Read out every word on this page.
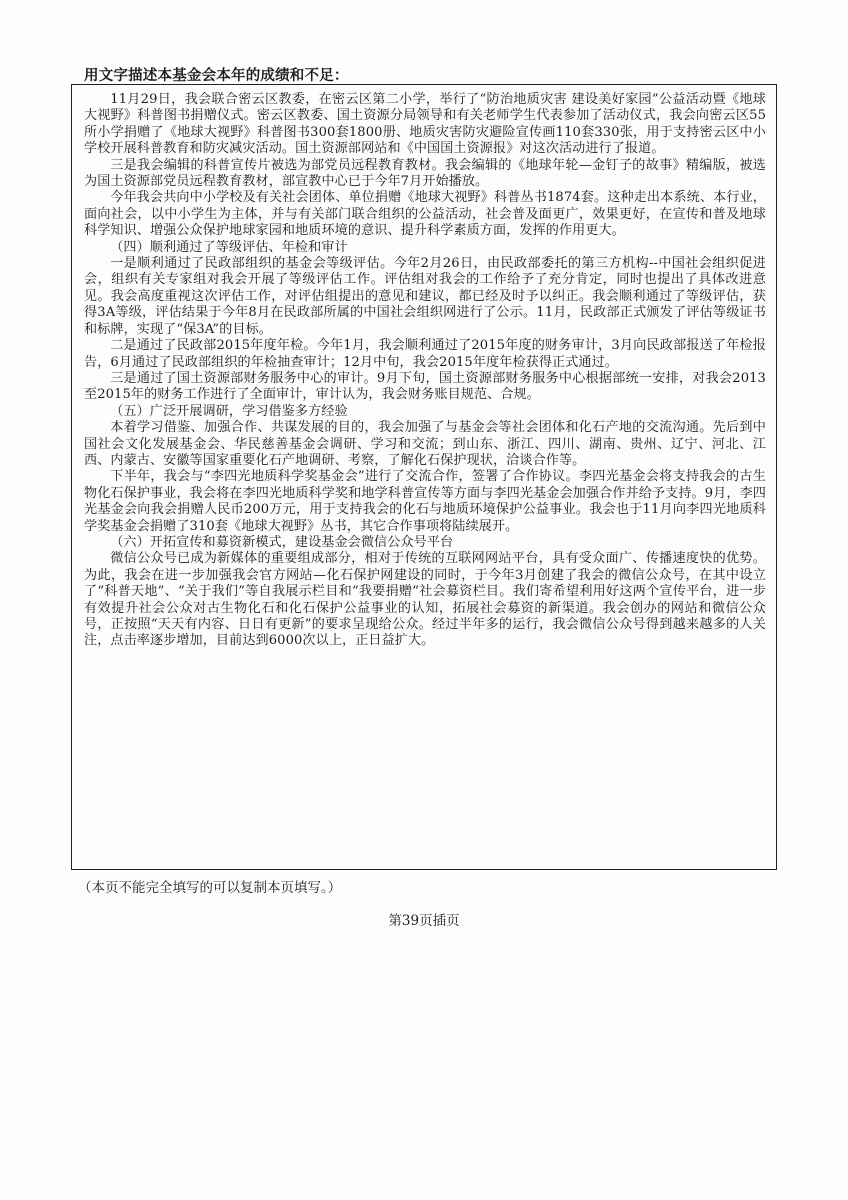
用文字描述本基金会本年的成绩和不足：

11月29日，我会联合密云区教委，在密云区第二小学，举行了“防治地质灾害 建设美好家园”公益活动暨《地球大视野》科普图书捐赠仪式。密云区教委、国土资源分局领导和有关老师学生代表参加了活动仪式，我会向密云区55所小学捐赠了《地球大视野》科普图书300套1800册、地质灾害防灾避险宣传画110套330张，用于支持密云区中小学校开展科普教育和防灾减灾活动。国土资源部网站和《中国国土资源报》对这次活动进行了报道。

三是我会编辑的科普宣传片被选为部党员远程教育教材。我会编辑的《地球年轮—金钉子的故事》精编版，被选为国土资源部党员远程教育教材，部宣教中心已于今年7月开始播放。

今年我会共向中小学校及有关社会团体、单位捐赠《地球大视野》科普丛书1874套。这种走出本系统、本行业，面向社会，以中小学生为主体，并与有关部门联合组织的公益活动，社会普及面更广，效果更好，在宣传和普及地球科学知识、增强公众保护地球家园和地质环境的意识、提升科学素质方面，发挥的作用更大。

（四）顺利通过了等级评估、年检和审计

一是顺利通过了民政部组织的基金会等级评估。今年2月26日，由民政部委托的第三方机构--中国社会组织促进会，组织有关专家组对我会开展了等级评估工作。评估组对我会的工作给予了充分肯定，同时也提出了具体改进意见。我会高度重视这次评估工作，对评估组提出的意见和建议，都已经及时予以纠正。我会顺利通过了等级评估，获得3A等级，评估结果于今年8月在民政部所属的中国社会组织网进行了公示。11月，民政部正式颁发了评估等级证书和标牌，实现了“保3A”的目标。

二是通过了民政部2015年度年检。今年1月，我会顺利通过了2015年度的财务审计，3月向民政部报送了年检报告，6月通过了民政部组织的年检抽查审计；12月中旬，我会2015年度年检获得正式通过。

三是通过了国土资源部财务服务中心的审计。9月下旬，国土资源部财务服务中心根据部统一安排，对我会2013至2015年的财务工作进行了全面审计，审计认为，我会财务账目规范、合规。

（五）广泛开展调研，学习借鉴多方经验

本着学习借鉴、加强合作、共谋发展的目的，我会加强了与基金会等社会团体和化石产地的交流沟通。先后到中国社会文化发展基金会、华民慈善基金会调研、学习和交流；到山东、浙江、四川、湖南、贵州、辽宁、河北、江西、内蒙古、安徽等国家重要化石产地调研、考察，了解化石保护现状，洽谈合作等。

下半年，我会与“李四光地质科学奖基金会”进行了交流合作，签署了合作协议。李四光基金会将支持我会的古生物化石保护事业，我会将在李四光地质科学奖和地学科普宣传等方面与李四光基金会加强合作并给予支持。9月，李四光基金会向我会捐赠人民币200万元，用于支持我会的化石与地质环境保护公益事业。我会也于11月向李四光地质科学奖基金会捐赠了310套《地球大视野》丛书，其它合作事项将陆续展开。

（六）开拓宣传和募资新模式，建设基金会微信公众号平台

微信公众号已成为新媒体的重要组成部分，相对于传统的互联网网站平台，具有受众面广、传播速度快的优势。为此，我会在进一步加强我会官方网站—化石保护网建设的同时，于今年3月创建了我会的微信公众号，在其中设立了“科普天地”、“关于我们”等自我展示栏目和“我要捐赠”社会募资栏目。我们寄希望利用好这两个宣传平台，进一步有效提升社会公众对古生物化石和化石保护公益事业的认知，拓展社会募资的新渠道。我会创办的网站和微信公众号，正按照“天天有内容、日日有更新”的要求呈现给公众。经过半年多的运行，我会微信公众号得到越来越多的人关注，点击率逐步增加，目前达到6000次以上，正日益扩大。

（本页不能完全填写的可以复制本页填写。）
第39页插页
